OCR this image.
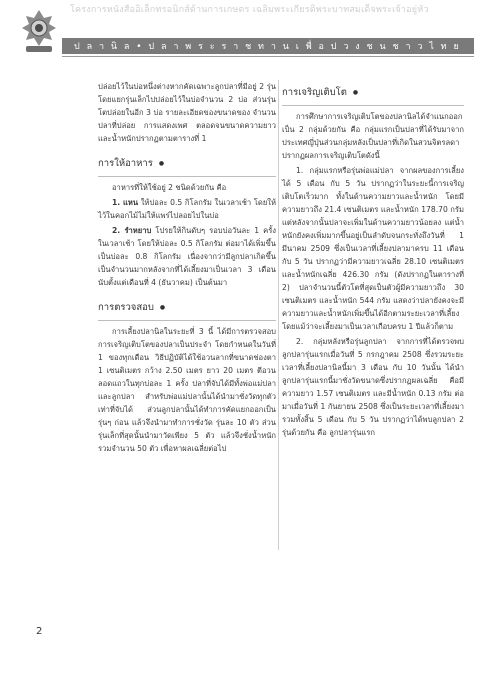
โครงการหนังสืออิเล็กทรอนิกส์ด้านการเกษตร เฉลิมพระเกียรติพระบาทสมเด็จพระเจ้าอยู่หัว
ป ล า นิ ล • ป ล า พ ร ะ ร า ช ท า น เ พื่ อ ป ว ง ช น ช า ว ไ ท ย

ปล่อยไว้ในบ่อหนึ่งต่างหากคัดเฉพาะลูกปลาที่มีอยู่ 2 รุ่น โดยแยกรุ่นเล็กไปปล่อยไว้ในบ่อจำนวน 2 บ่อ ส่วนรุ่นโตปล่อยในอีก 3 บ่อ รายละเอียดของขนาดของ จำนวนปลาที่ปล่อย การแสดงเพศ ตลอดจนขนาดความยาวและน้ำหนักปรากฏตามตารางที่ 1

การให้อาหาร ●

อาหารที่ให้ใช้อยู่ 2 ชนิดด้วยกัน คือ

1. แหน ให้ปอละ 0.5 กิโลกรัม ในเวลาเช้า โดยให้ไว้ในคอกไม้ไม่ให้แพร่ไปลอยไปในบ่อ

2. รำหยาบ โปรยให้กินดับๆ รอบบ่อวันละ 1 ครั้ง ในเวลาเช้า โดยให้บ่อละ 0.5 กิโลกรัม ต่อมาได้เพิ่มขึ้นเป็นบ่อละ 0.8 กิโลกรัม เนื่องจากว่ามีลูกปลาเกิดขึ้นเป็นจำนวนมากหลังจากที่ได้เลี้ยงมาเป็นเวลา 3 เดือน นับตั้งแต่เดือนที่ 4 (ธันวาคม) เป็นต้นมา

การตรวจสอบ ●

การเลี้ยงปลานิลในระยะที่ 3 นี้ ได้มีการตรวจสอบการเจริญเติบโตของปลาเป็นประจำ โดยกำหนดในวันที่ 1 ของทุกเดือน วิธีปฏิบัติได้ใช้อวนลากที่ขนาดช่องตา 1 เซนติเมตร กว้าง 2.50 เมตร ยาว 20 เมตร ตีอวนลอดแถวในทุกบ่อละ 1 ครั้ง ปลาที่จับได้มีทั้งพ่อแม่ปลาและลูกปลา สำหรับพ่อแม่ปลานั้นได้นำมาชั่งวัดทุกตัวเท่าที่จับได้ ส่วนลูกปลานั้นได้ทำการคัดแยกออกเป็นรุ่นๆ ก่อน แล้วจึงนำมาทำการชั่งวัด รุ่นละ 10 ตัว ส่วนรุ่นเล็กที่สุดนั้นนำมาวัดเพียง 5 ตัว แล้วจึงชั่งน้ำหนักรวมจำนวน 50 ตัว เพื่อหาผลเฉลี่ยต่อไป

การเจริญเติบโต ●

การศึกษาการเจริญเติบโตของปลานิลได้จำแนกออกเป็น 2 กลุ่มด้วยกัน คือ กลุ่มแรกเป็นปลาที่ได้รับมาจากประเทศญี่ปุ่นส่วนกลุ่มหลังเป็นปลาที่เกิดในสวนจิตรลดา ปรากฏผลการเจริญเติบโตดังนี้

1. กลุ่มแรกหรือรุ่นพ่อแม่ปลา จากผลของการเลี้ยงได้ 5 เดือน กับ 5 วัน ปรากฏว่าในระยะนี้การเจริญเติบโตเร็วมาก ทั้งในด้านความยาวและน้ำหนัก โดยมีความยาวถึง 21.4 เซนติเมตร และน้ำหนัก 178.70 กรัม แต่หลังจากนั้นปลาจะเพิ่มในด้านความยาวน้อยลง แต่น้ำหนักยังคงเพิ่มมากขึ้นอยู่เป็นลำดับจนกระทั่งถึงวันที่ 1 มีนาคม 2509 ซึ่งเป็นเวลาที่เลี้ยงปลามาครบ 11 เดือน กับ 5 วัน ปรากฏว่ามีความยาวเฉลี่ย 28.10 เซนติเมตร และน้ำหนักเฉลี่ย 426.30 กรัม (ดังปรากฏในตารางที่ 2) ปลาจำนวนนี้ตัวโตที่สุดเป็นตัวผู้มีความยาวถึง 30 เซนติเมตร และน้ำหนัก 544 กรัม แสดงว่าปลายังคงจะมีความยาวและน้ำหนักเพิ่มขึ้นได้อีกตามระยะเวลาที่เลี้ยง โดยแม้ว่าจะเลี้ยงมาเป็นเวลาเกือบครบ 1 ปีแล้วก็ตาม

2. กลุ่มหลังหรือรุ่นลูกปลา จากการที่ได้ตรวจพบลูกปลารุ่นแรกเมื่อวันที่ 5 กรกฎาคม 2508 ซึ่งรวมระยะเวลาที่เลี้ยงปลานิลนี้มา 3 เดือน กับ 10 วันนั้น ได้นำลูกปลารุ่นแรกนี้มาชั่งวัดขนาดซึ่งปรากฏผลเฉลี่ย คือมีความยาว 1.57 เซนติเมตร และมีน้ำหนัก 0.13 กรัม ต่อมาเมื่อวันที่ 1 กันยายน 2508 ซึ่งเป็นระยะเวลาที่เลี้ยงมารวมทั้งสิ้น 5 เดือน กับ 5 วัน ปรากฏว่าได้พบลูกปลา 2 รุ่นด้วยกัน คือ ลูกปลารุ่นแรก

2
